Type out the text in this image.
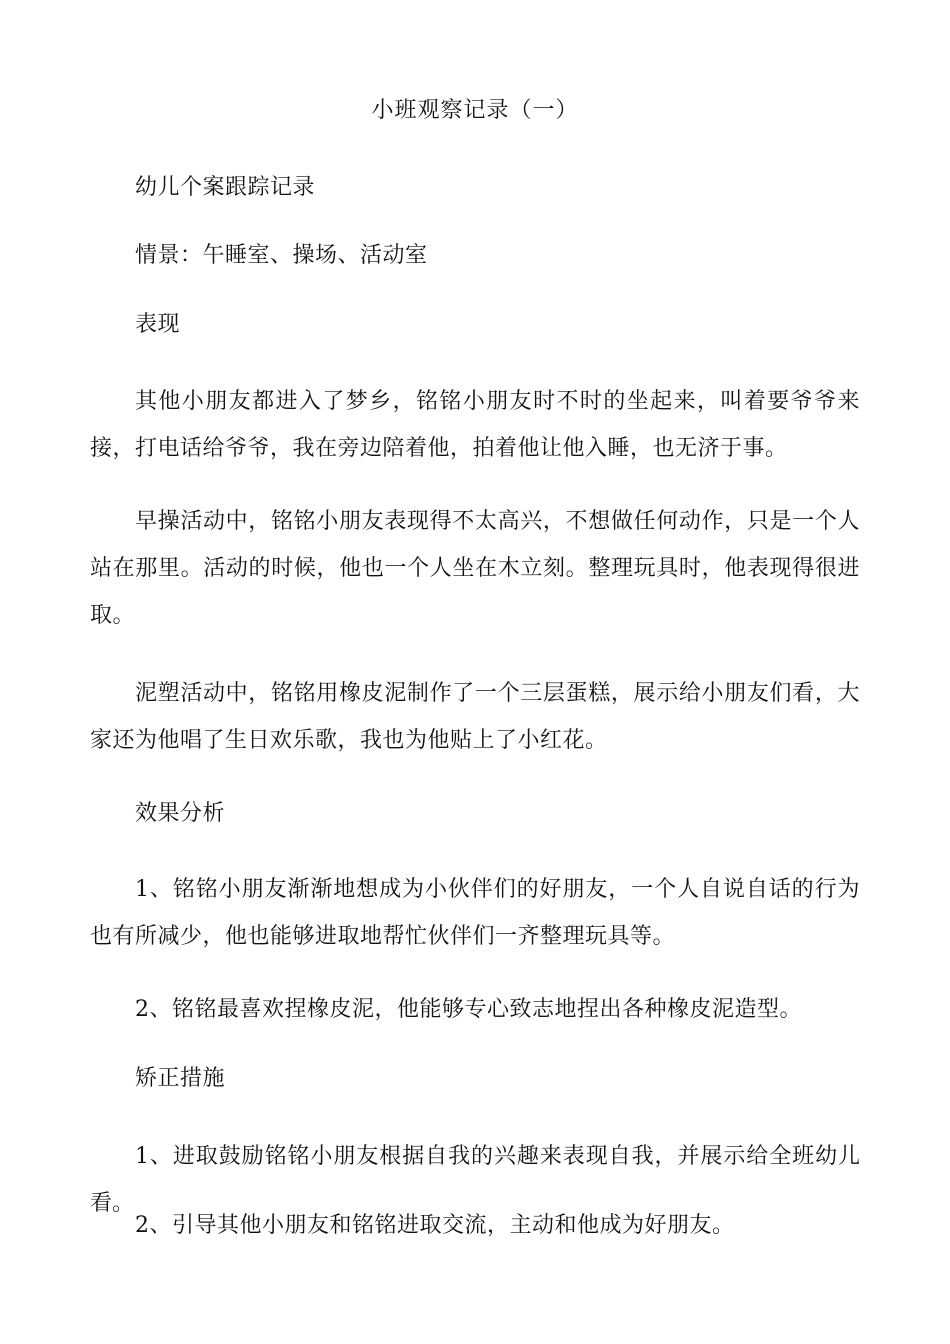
小班观察记录（一）
幼儿个案跟踪记录
情景：午睡室、操场、活动室
表现
其他小朋友都进入了梦乡，铭铭小朋友时不时的坐起来，叫着要爷爷来接，打电话给爷爷，我在旁边陪着他，拍着他让他入睡，也无济于事。
早操活动中，铭铭小朋友表现得不太高兴，不想做任何动作，只是一个人站在那里。活动的时候，他也一个人坐在木立刻。整理玩具时，他表现得很进取。
泥塑活动中，铭铭用橡皮泥制作了一个三层蛋糕，展示给小朋友们看，大家还为他唱了生日欢乐歌，我也为他贴上了小红花。
效果分析
1、铭铭小朋友渐渐地想成为小伙伴们的好朋友，一个人自说自话的行为也有所减少，他也能够进取地帮忙伙伴们一齐整理玩具等。
2、铭铭最喜欢捏橡皮泥，他能够专心致志地捏出各种橡皮泥造型。
矫正措施
1、进取鼓励铭铭小朋友根据自我的兴趣来表现自我，并展示给全班幼儿看。
2、引导其他小朋友和铭铭进取交流，主动和他成为好朋友。
